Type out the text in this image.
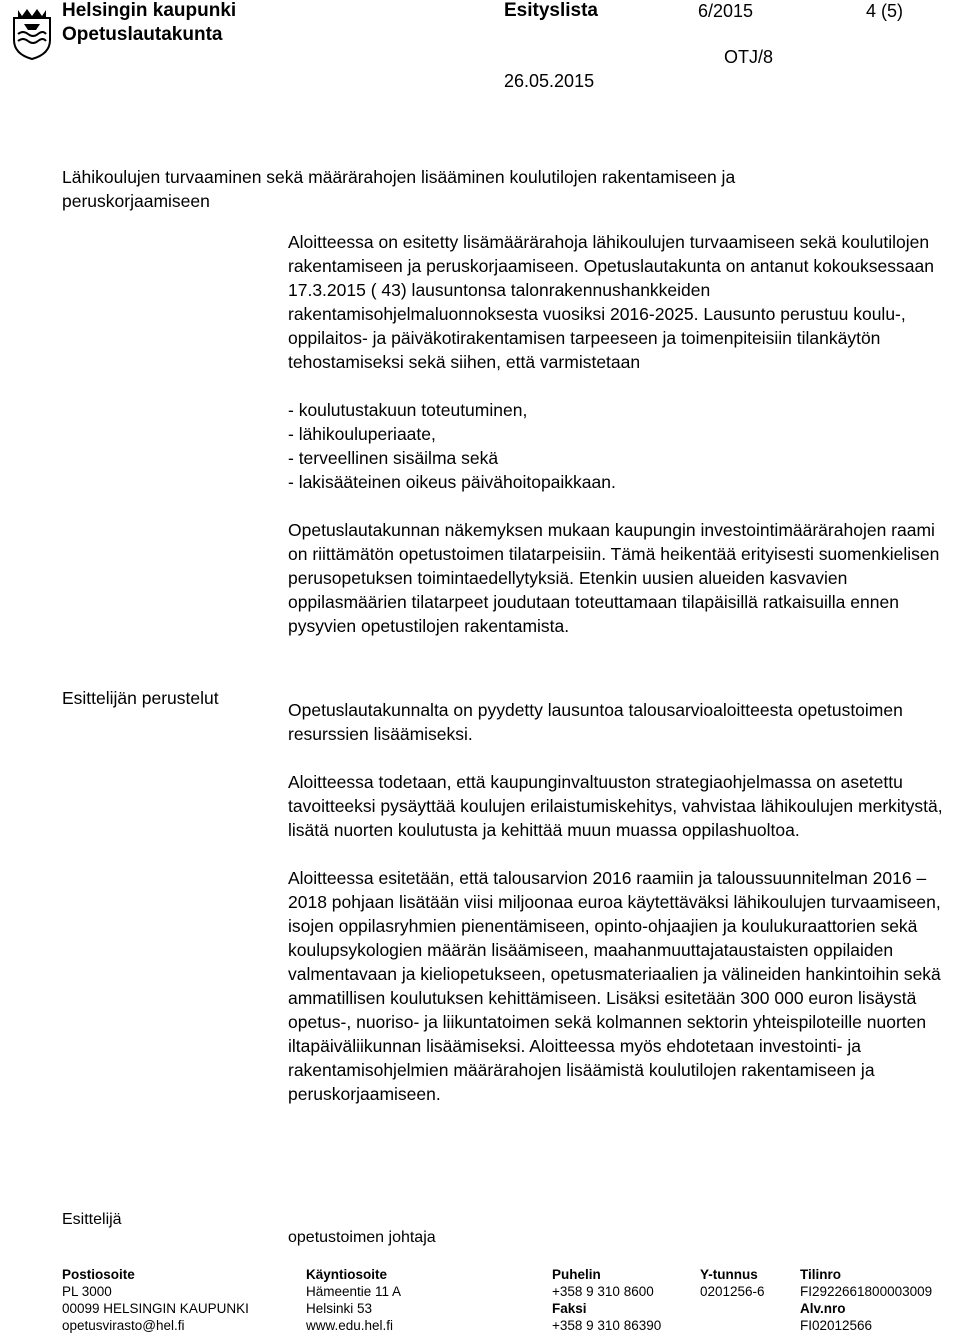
Helsingin kaupunki
Opetuslautakunta
Esityslista	6/2015	4 (5)
OTJ/8
26.05.2015
Lähikoulujen turvaaminen sekä määrärahojen lisääminen koulutilojen rakentamiseen ja peruskorjaamiseen
Esittelijän perustelut
Esittelijä

Aloitteessa on esitetty lisämäärärahoja lähikoulujen turvaamiseen sekä koulutilojen rakentamiseen ja peruskorjaamiseen. Opetuslautakunta on antanut kokouksessaan 17.3.2015 ( 43) lausuntonsa talonrakennushankkeiden rakentamisohjelmaluonnoksesta vuosiksi 2016-2025. Lausunto perustuu koulu-, oppilaitos- ja päiväkotirakentamisen tarpeeseen ja toimenpiteisiin tilankäytön tehostamiseksi sekä siihen, että varmistetaan

- koulutustakuun toteutuminen,
- lähikouluperiaate,
- terveellinen sisäilma sekä
- lakisääteinen oikeus päivähoitopaikkaan.

Opetuslautakunnan näkemyksen mukaan kaupungin investointimäärärahojen raami on riittämätön opetustoimen tilatarpeisiin. Tämä heikentää erityisesti suomenkielisen perusopetuksen toimintaedellytyksiä. Etenkin uusien alueiden kasvavien oppilasmäärien tilatarpeet joudutaan toteuttamaan tilapäisillä ratkaisuilla ennen pysyvien opetustilojen rakentamista.

Opetuslautakunnalta on pyydetty lausuntoa talousarvioaloitteesta opetustoimen resurssien lisäämiseksi.

Aloitteessa todetaan, että kaupunginvaltuuston strategiaohjelmassa on asetettu tavoitteeksi pysäyttää koulujen erilaistumiskehitys, vahvistaa lähikoulujen merkitystä, lisätä nuorten koulutusta ja kehittää muun muassa oppilashuoltoa.

Aloitteessa esitetään, että talousarvion 2016 raamiin ja taloussuunnitelman 2016 – 2018 pohjaan lisätään viisi miljoonaa euroa käytettäväksi lähikoulujen turvaamiseen, isojen oppilasryhmien pienentämiseen, opinto-ohjaajien ja koulukuraattorien sekä koulupsykologien määrän lisäämiseen, maahanmuuttajataustaisten oppilaiden valmentavaan ja kieliopetukseen, opetusmateriaalien ja välineiden hankintoihin sekä ammatillisen koulutuksen kehittämiseen. Lisäksi esitetään 300 000 euron lisäystä opetus-, nuoriso- ja liikuntatoimen sekä kolmannen sektorin yhteispiloteille nuorten iltapäiväliikunnan lisäämiseksi. Aloitteessa myös ehdotetaan investointi- ja rakentamisohjelmien määrärahojen lisäämistä koulutilojen rakentamiseen ja peruskorjaamiseen.

opetustoimen johtaja
Postiosoite
PL 3000
00099 HELSINGIN KAUPUNKI
opetusvirasto@hel.fi
Käyntiosoite
Hämeentie 11 A
Helsinki 53
www.edu.hel.fi
Puhelin
+358 9 310 8600
Faksi
+358 9 310 86390
Y-tunnus
0201256-6
Tilinro
FI2922661800003009
Alv.nro
FI02012566
